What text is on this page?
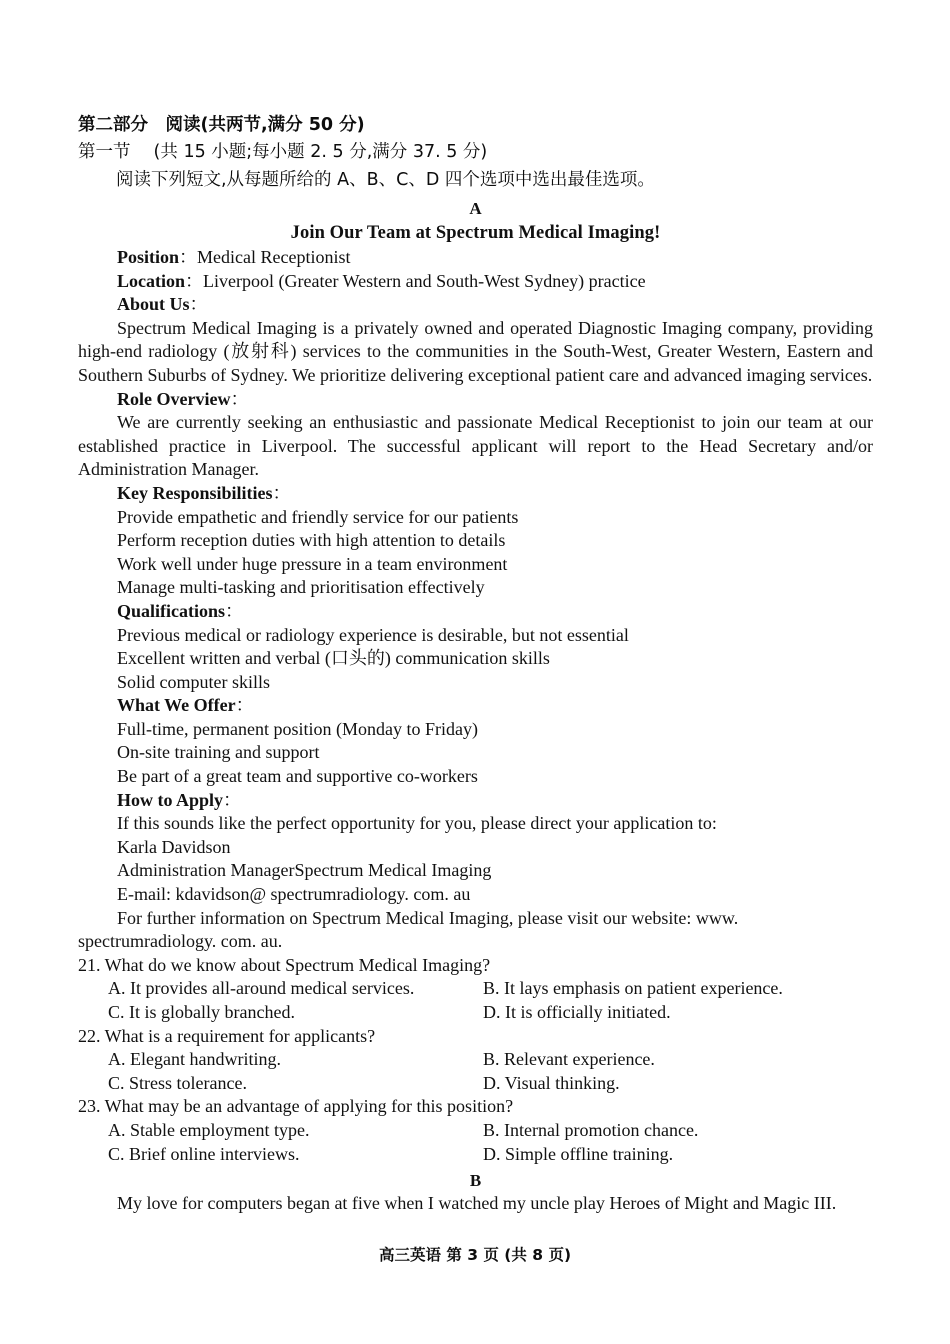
第二部分　阅读(共两节,满分 50 分)
第一节　 (共 15 小题;每小题 2. 5 分,满分 37. 5 分)
阅读下列短文,从每题所给的 A、B、C、D 四个选项中选出最佳选项。
A
Join Our Team at Spectrum Medical Imaging!
Position：Medical Receptionist
Location：Liverpool (Greater Western and South-West Sydney) practice
About Us：
Spectrum Medical Imaging is a privately owned and operated Diagnostic Imaging company, providing high-end radiology (放射科) services to the communities in the South-West, Greater Western, Eastern and Southern Suburbs of Sydney. We prioritize delivering exceptional patient care and advanced imaging services.
Role Overview：
We are currently seeking an enthusiastic and passionate Medical Receptionist to join our team at our established practice in Liverpool. The successful applicant will report to the Head Secretary and/or Administration Manager.
Key Responsibilities：
Provide empathetic and friendly service for our patients
Perform reception duties with high attention to details
Work well under huge pressure in a team environment
Manage multi-tasking and prioritisation effectively
Qualifications：
Previous medical or radiology experience is desirable, but not essential
Excellent written and verbal (口头的) communication skills
Solid computer skills
What We Offer：
Full-time, permanent position (Monday to Friday)
On-site training and support
Be part of a great team and supportive co-workers
How to Apply：
If this sounds like the perfect opportunity for you, please direct your application to:
Karla Davidson
Administration ManagerSpectrum Medical Imaging
E-mail: kdavidson@ spectrumradiology. com. au
For further information on Spectrum Medical Imaging, please visit our website: www. spectrumradiology. com. au.
21. What do we know about Spectrum Medical Imaging?
A. It provides all-around medical services.	B. It lays emphasis on patient experience.
C. It is globally branched.	D. It is officially initiated.
22. What is a requirement for applicants?
A. Elegant handwriting.	B. Relevant experience.
C. Stress tolerance.	D. Visual thinking.
23. What may be an advantage of applying for this position?
A. Stable employment type.	B. Internal promotion chance.
C. Brief online interviews.	D. Simple offline training.
B
My love for computers began at five when I watched my uncle play Heroes of Might and Magic III.
高三英语 第 3 页 (共 8 页)
